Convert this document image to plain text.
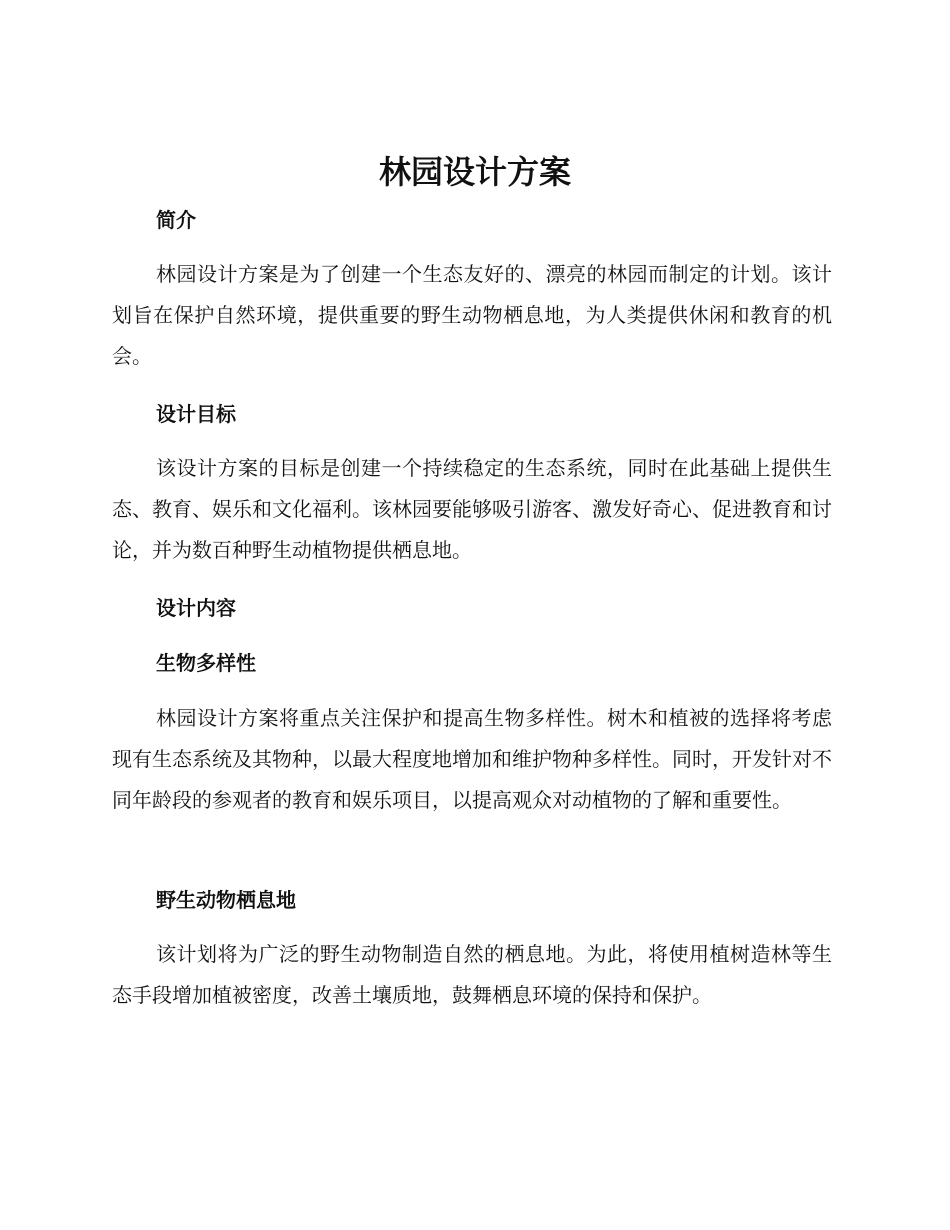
林园设计方案
简介

林园设计方案是为了创建一个生态友好的、漂亮的林园而制定的计划。该计划旨在保护自然环境，提供重要的野生动物栖息地，为人类提供休闲和教育的机会。

设计目标

该设计方案的目标是创建一个持续稳定的生态系统，同时在此基础上提供生态、教育、娱乐和文化福利。该林园要能够吸引游客、激发好奇心、促进教育和讨论，并为数百种野生动植物提供栖息地。

设计内容
生物多样性

林园设计方案将重点关注保护和提高生物多样性。树木和植被的选择将考虑现有生态系统及其物种，以最大程度地增加和维护物种多样性。同时，开发针对不同年龄段的参观者的教育和娱乐项目，以提高观众对动植物的了解和重要性。

野生动物栖息地

该计划将为广泛的野生动物制造自然的栖息地。为此，将使用植树造林等生态手段增加植被密度，改善土壤质地，鼓舞栖息环境的保持和保护。
